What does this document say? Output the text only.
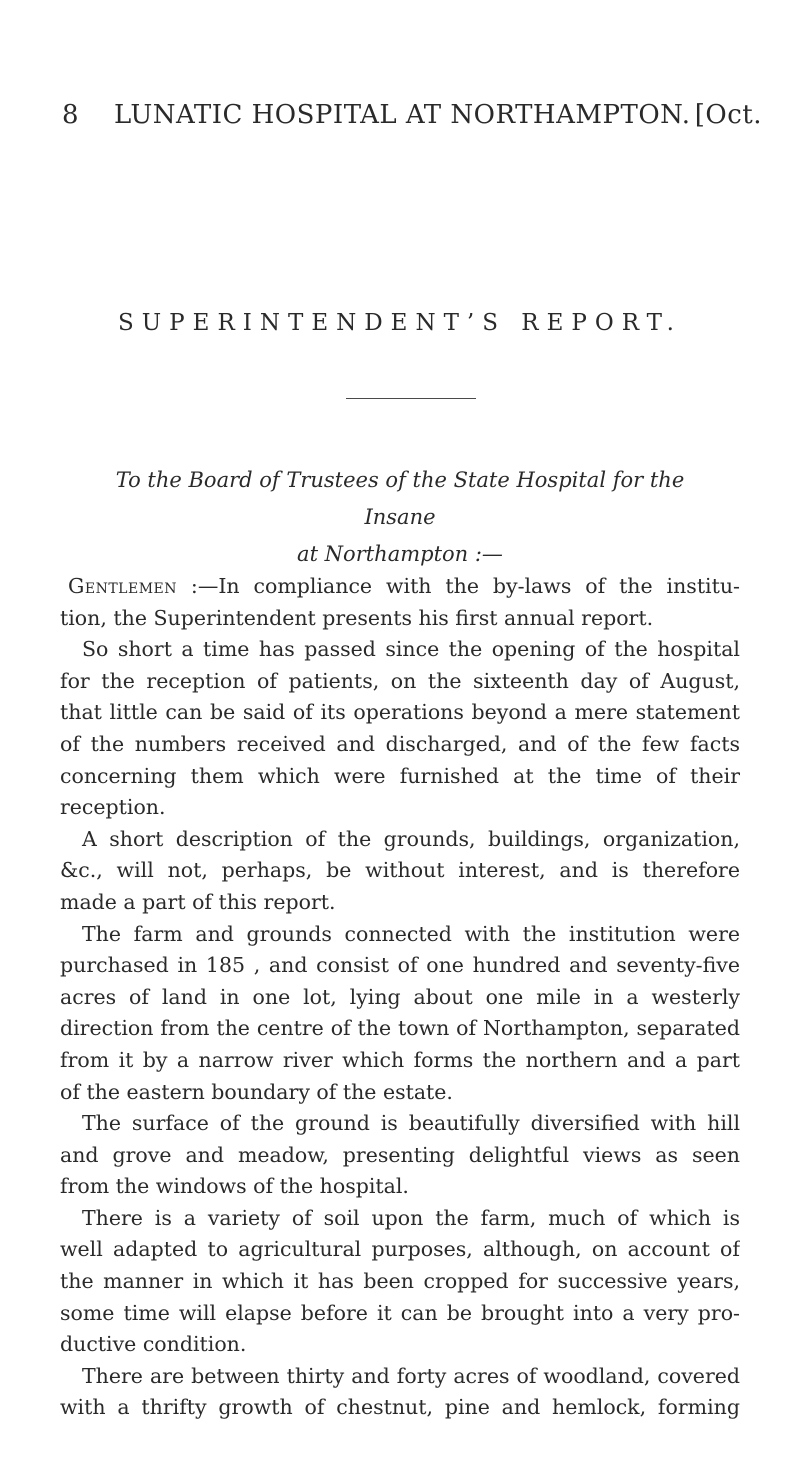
8 LUNATIC HOSPITAL AT NORTHAMPTON. [Oct.
SUPERINTENDENT’S REPORT.
To the Board of Trustees of the State Hospital for the Insane
at Northampton :—

Gentlemen :—In compliance with the by-laws of the institu-
tion, the Superintendent presents his first annual report.

So short a time has passed since the opening of the hospital
for the reception of patients, on the sixteenth day of August,
that little can be said of its operations beyond a mere statement
of the numbers received and discharged, and of the few facts
concerning them which were furnished at the time of their
reception.

A short description of the grounds, buildings, organization,
&c., will not, perhaps, be without interest, and is therefore
made a part of this report.

The farm and grounds connected with the institution were
purchased in 185 , and consist of one hundred and seventy-five
acres of land in one lot, lying about one mile in a westerly
direction from the centre of the town of Northampton, separated
from it by a narrow river which forms the northern and a part
of the eastern boundary of the estate.

The surface of the ground is beautifully diversified with hill
and grove and meadow, presenting delightful views as seen
from the windows of the hospital.

There is a variety of soil upon the farm, much of which is
well adapted to agricultural purposes, although, on account of
the manner in which it has been cropped for successive years,
some time will elapse before it can be brought into a very pro-
ductive condition.

There are between thirty and forty acres of woodland, covered
with a thrifty growth of chestnut, pine and hemlock, forming
